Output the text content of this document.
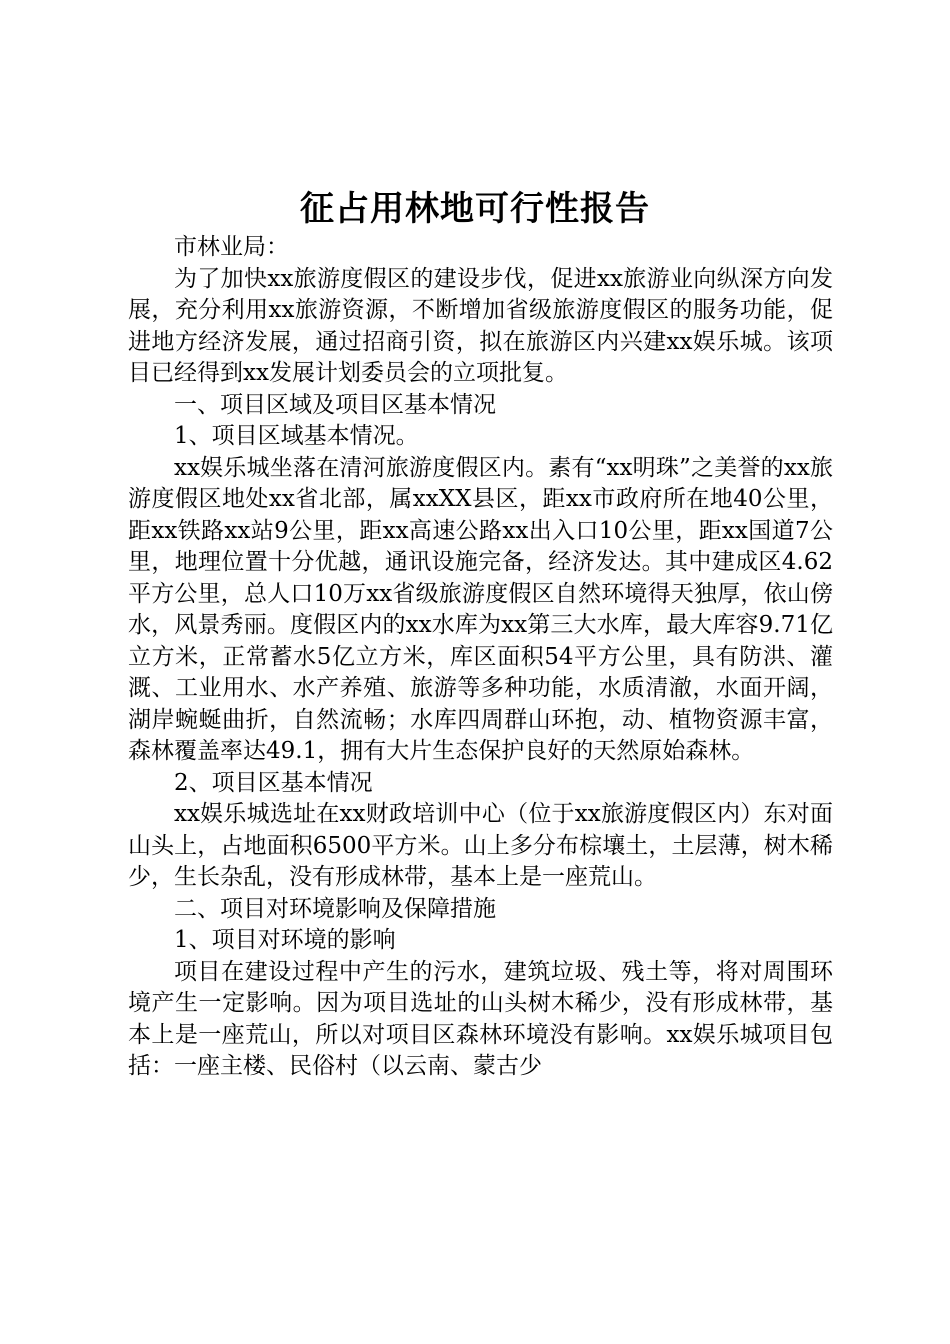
征占用林地可行性报告

市林业局：

为了加快xx旅游度假区的建设步伐，促进xx旅游业向纵深方向发展，充分利用xx旅游资源，不断增加省级旅游度假区的服务功能，促进地方经济发展，通过招商引资，拟在旅游区内兴建xx娱乐城。该项目已经得到xx发展计划委员会的立项批复。

一、项目区域及项目区基本情况

1、项目区域基本情况。

xx娱乐城坐落在清河旅游度假区内。素有“xx明珠”之美誉的xx旅游度假区地处xx省北部，属xxXX县区，距xx市政府所在地40公里，距xx铁路xx站9公里，距xx高速公路xx出入口10公里，距xx国道7公里，地理位置十分优越，通讯设施完备，经济发达。其中建成区4.62平方公里，总人口10万xx省级旅游度假区自然环境得天独厚，依山傍水，风景秀丽。度假区内的xx水库为xx第三大水库，最大库容9.71亿立方米，正常蓄水5亿立方米，库区面积54平方公里，具有防洪、灌溉、工业用水、水产养殖、旅游等多种功能，水质清澈，水面开阔，湖岸蜿蜒曲折，自然流畅；水库四周群山环抱，动、植物资源丰富，森林覆盖率达49.1，拥有大片生态保护良好的天然原始森林。

2、项目区基本情况

xx娱乐城选址在xx财政培训中心（位于xx旅游度假区内）东对面山头上，占地面积6500平方米。山上多分布棕壤土，土层薄，树木稀少，生长杂乱，没有形成林带，基本上是一座荒山。

二、项目对环境影响及保障措施

1、项目对环境的影响

项目在建设过程中产生的污水，建筑垃圾、残土等，将对周围环境产生一定影响。因为项目选址的山头树木稀少，没有形成林带，基本上是一座荒山，所以对项目区森林环境没有影响。xx娱乐城项目包括：一座主楼、民俗村（以云南、蒙古少
